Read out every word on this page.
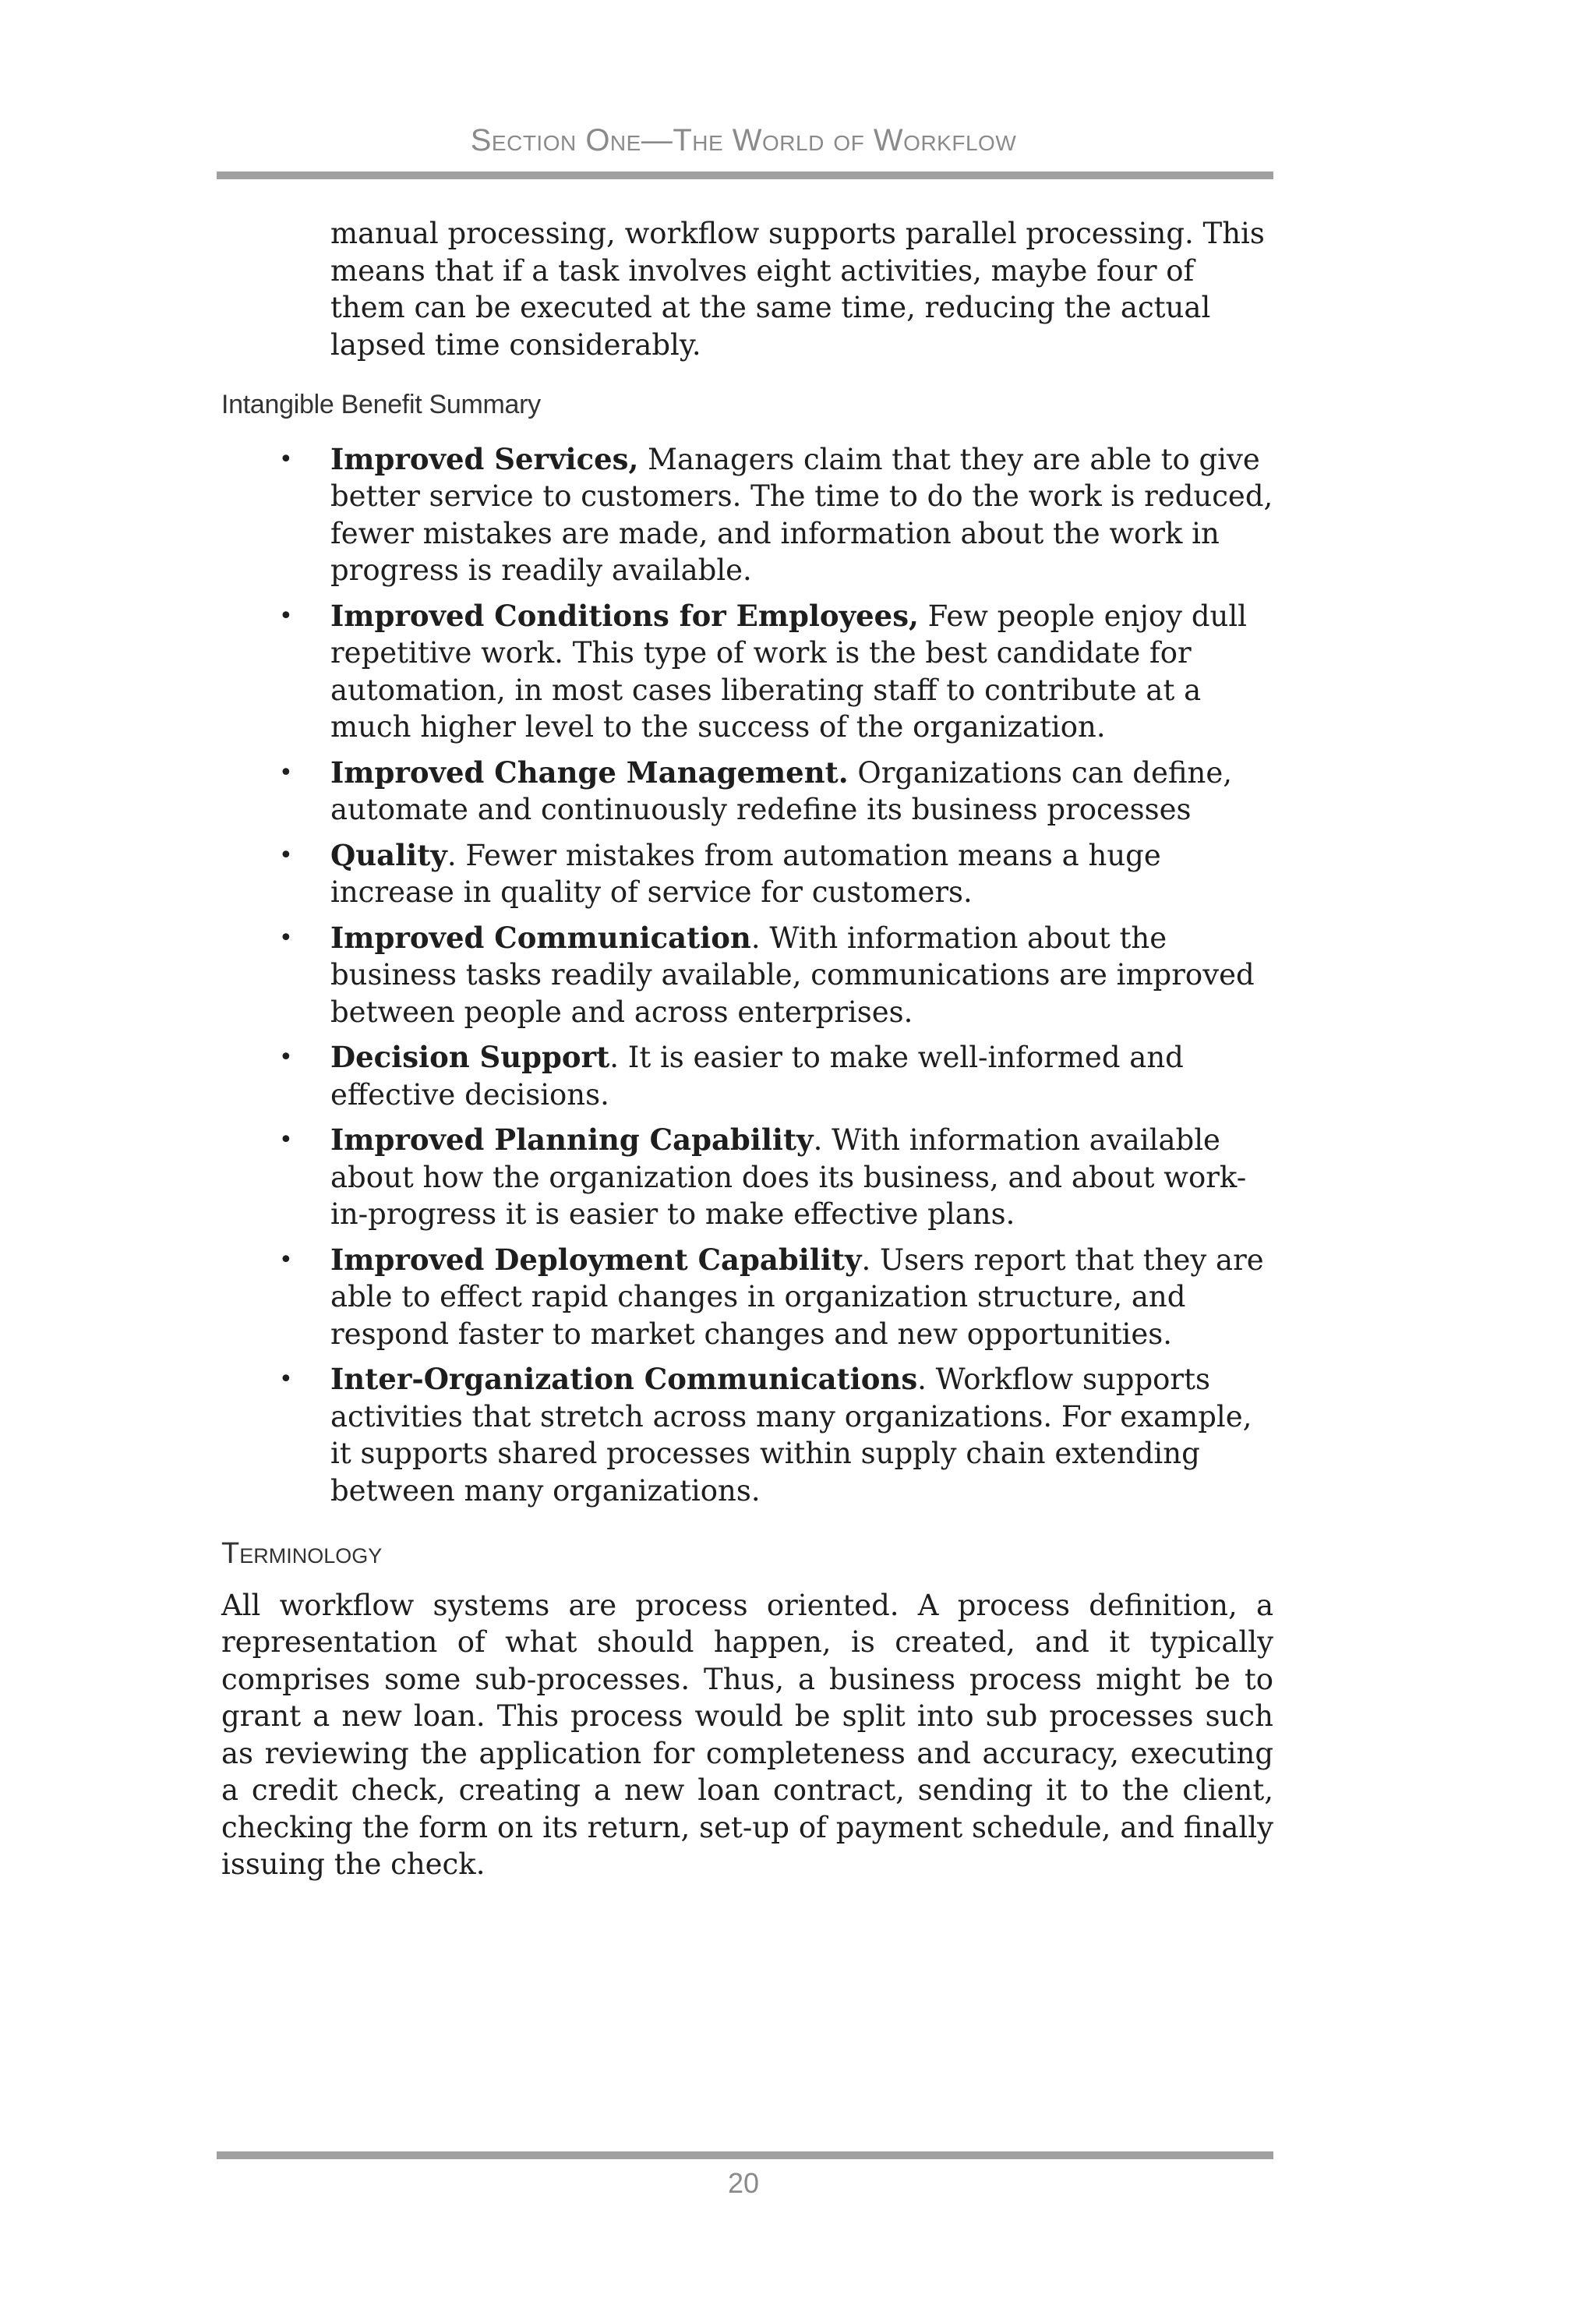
Section One—The World of Workflow

manual processing, workflow supports parallel processing. This means that if a task involves eight activities, maybe four of them can be executed at the same time, reducing the actual lapsed time considerably.

Intangible Benefit Summary
• Improved Services, Managers claim that they are able to give better service to customers. The time to do the work is reduced, fewer mistakes are made, and information about the work in progress is readily available.
• Improved Conditions for Employees, Few people enjoy dull repetitive work. This type of work is the best candidate for automation, in most cases liberating staff to contribute at a much higher level to the success of the organization.
• Improved Change Management. Organizations can define, automate and continuously redefine its business processes
• Quality. Fewer mistakes from automation means a huge increase in quality of service for customers.
• Improved Communication. With information about the business tasks readily available, communications are improved between people and across enterprises.
• Decision Support. It is easier to make well-informed and effective decisions.
• Improved Planning Capability. With information available about how the organization does its business, and about work-in-progress it is easier to make effective plans.
• Improved Deployment Capability. Users report that they are able to effect rapid changes in organization structure, and respond faster to market changes and new opportunities.
• Inter-Organization Communications. Workflow supports activities that stretch across many organizations. For example, it supports shared processes within supply chain extending between many organizations.
Terminology

All workflow systems are process oriented. A process definition, a representation of what should happen, is created, and it typically comprises some sub-processes. Thus, a business process might be to grant a new loan. This process would be split into sub processes such as reviewing the application for completeness and accuracy, executing a credit check, creating a new loan contract, sending it to the client, checking the form on its return, set-up of payment schedule, and finally issuing the check.

20
